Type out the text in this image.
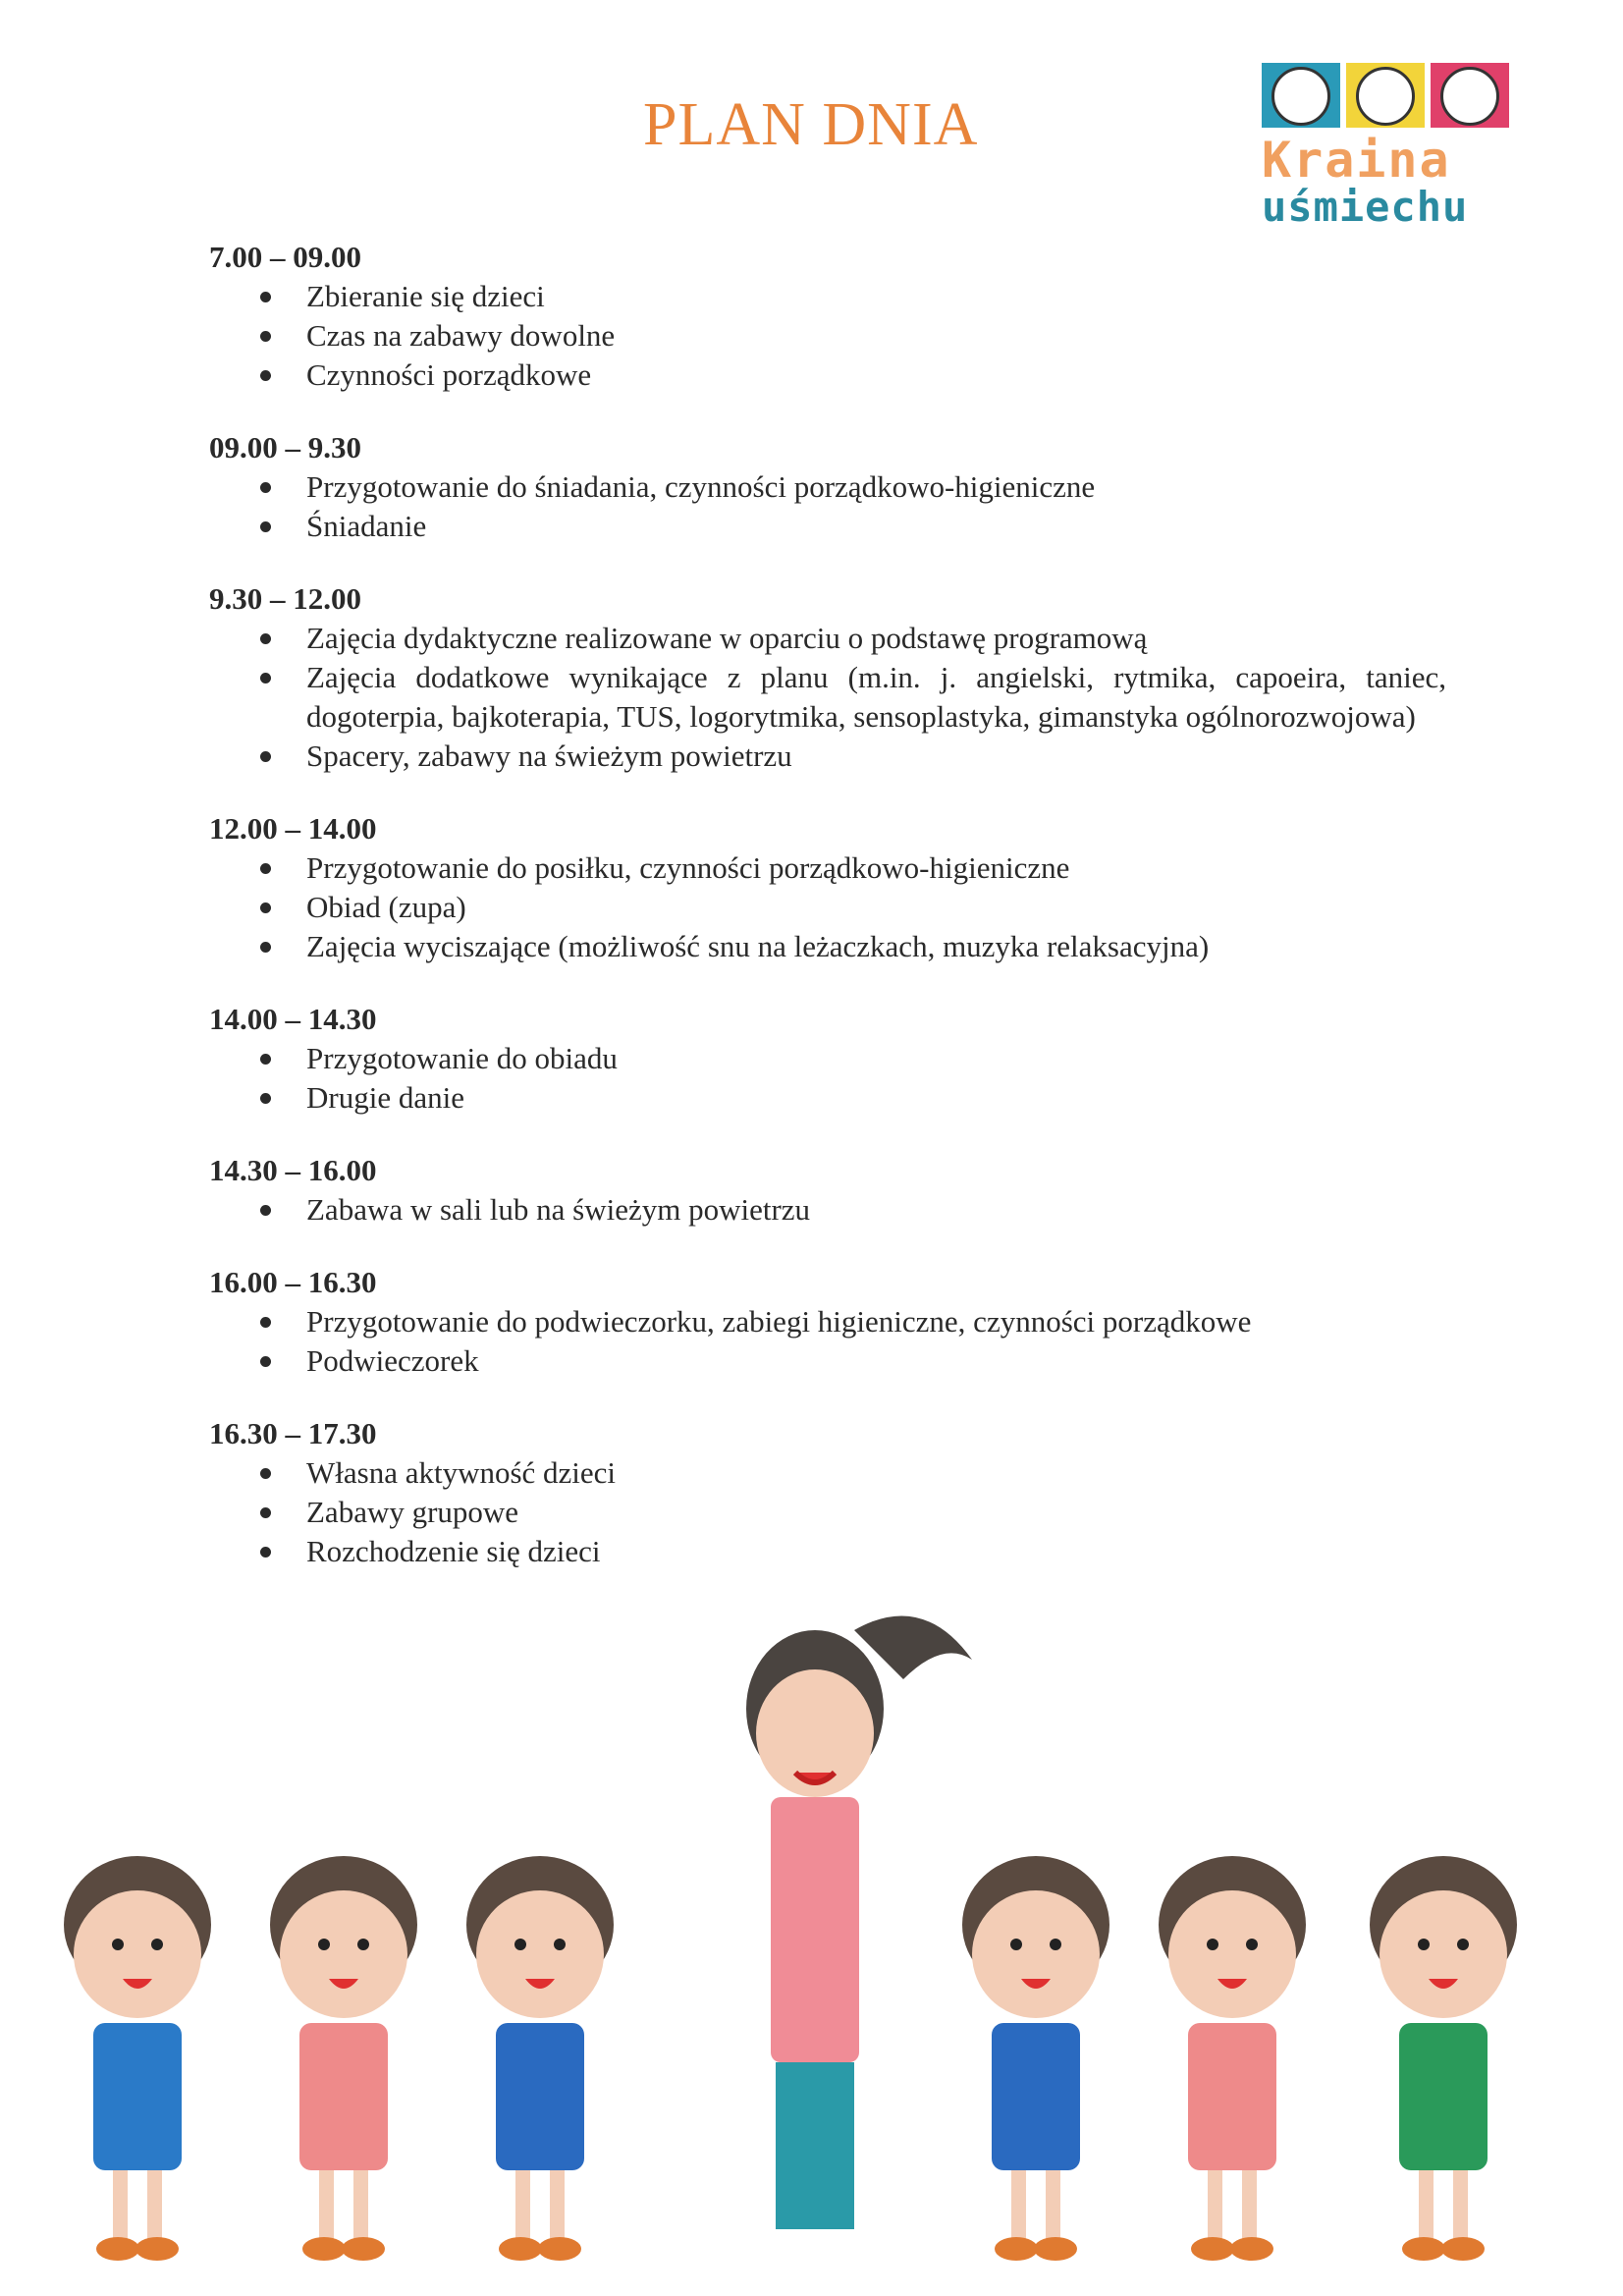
PLAN DNIA
Kraina
uśmiechu
7.00 – 09.00
Zbieranie się dzieci
Czas na zabawy dowolne
Czynności porządkowe
09.00 – 9.30
Przygotowanie do śniadania, czynności porządkowo-higieniczne
Śniadanie
9.30 – 12.00
Zajęcia dydaktyczne realizowane w oparciu o podstawę programową
Zajęcia dodatkowe wynikające z planu (m.in. j. angielski, rytmika, capoeira, taniec, dogoterpia, bajkoterapia, TUS, logorytmika, sensoplastyka, gimanstyka ogólnorozwojowa)
Spacery, zabawy na świeżym powietrzu
12.00 – 14.00
Przygotowanie do posiłku, czynności porządkowo-higieniczne
Obiad (zupa)
Zajęcia wyciszające (możliwość snu na leżaczkach, muzyka relaksacyjna)
14.00 – 14.30
Przygotowanie do obiadu
Drugie danie
14.30 – 16.00
Zabawa w sali lub na świeżym powietrzu
16.00 – 16.30
Przygotowanie do podwieczorku, zabiegi higieniczne, czynności porządkowe
Podwieczorek
16.30 – 17.30
Własna aktywność dzieci
Zabawy grupowe
Rozchodzenie się dzieci
